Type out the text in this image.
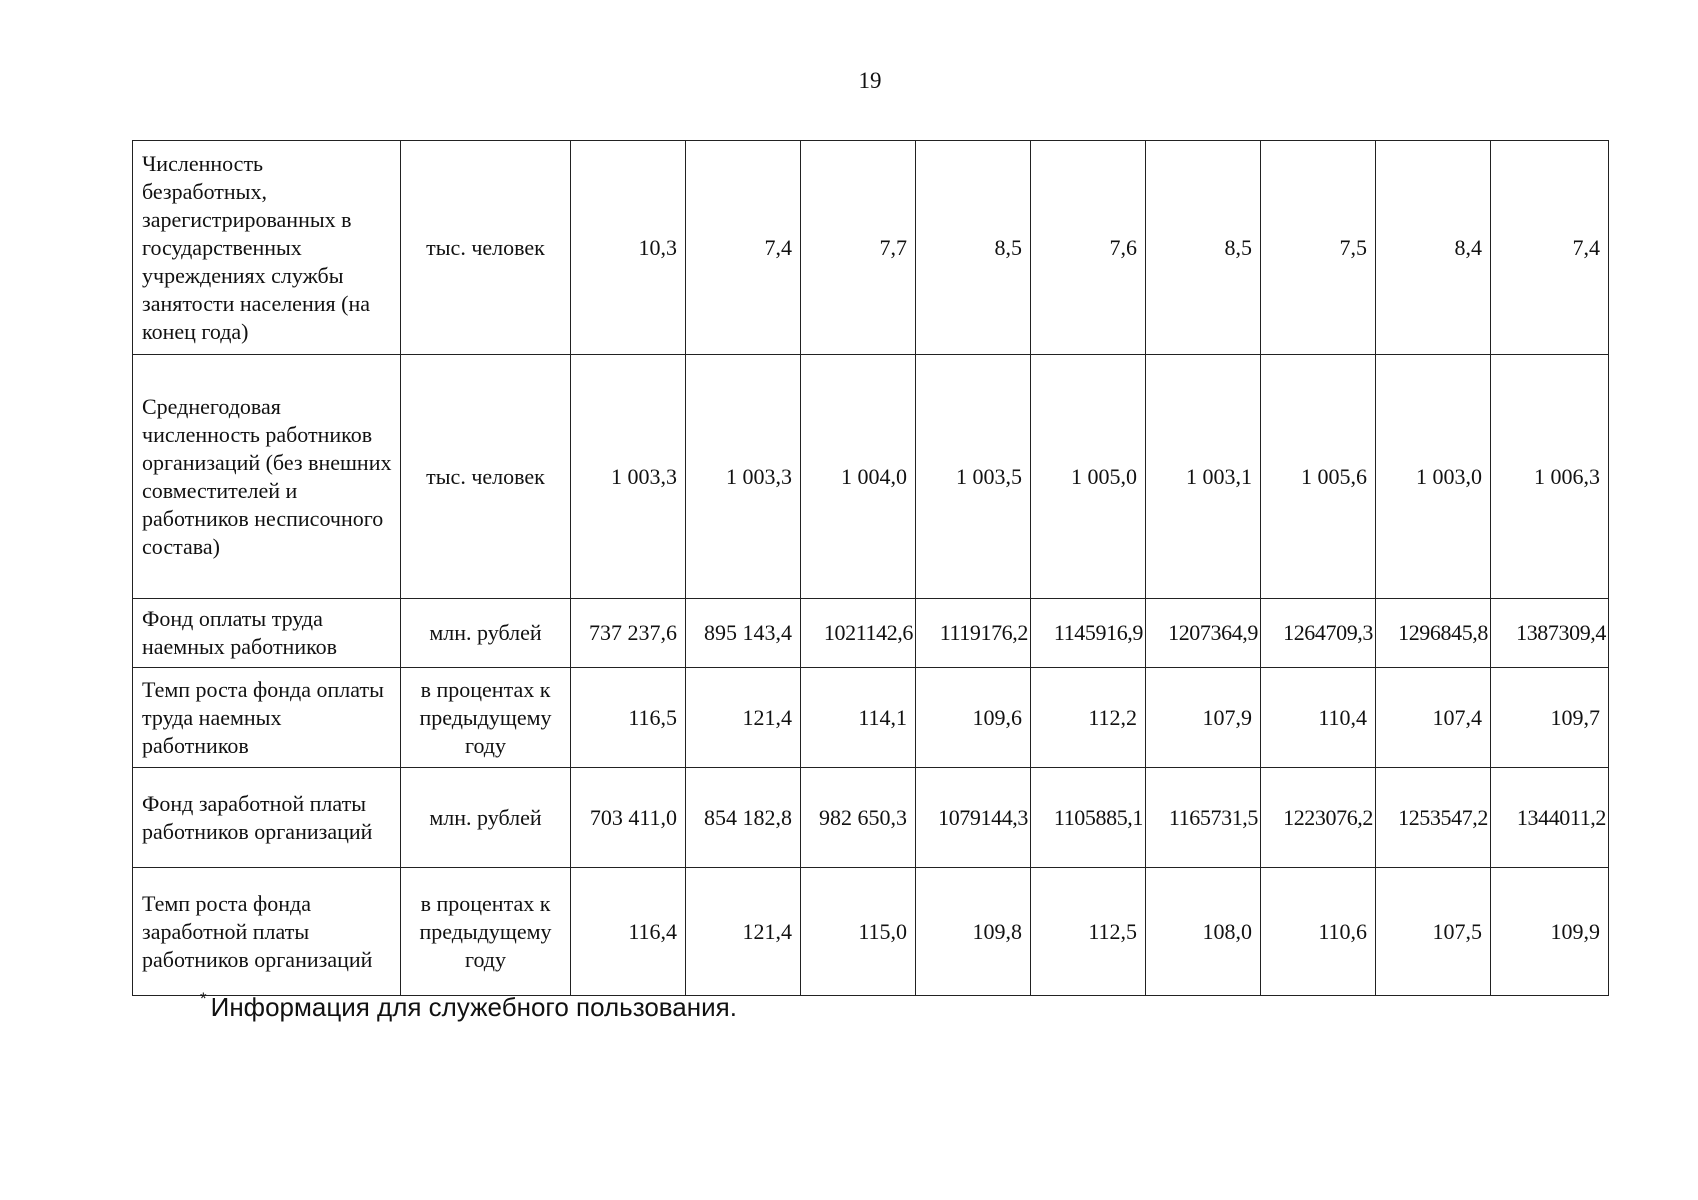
19
Численность безработных, зарегистрированных в государственных учреждениях службы занятости населения (на конец года)	тыс. человек	10,3	7,4	7,7	8,5	7,6	8,5	7,5	8,4	7,4
Среднегодовая численность работников организаций (без внешних совместителей и работников несписочного состава)	тыс. человек	1 003,3	1 003,3	1 004,0	1 003,5	1 005,0	1 003,1	1 005,6	1 003,0	1 006,3
Фонд оплаты труда наемных работников	млн. рублей	737 237,6	895 143,4	1021142,6	1119176,2	1145916,9	1207364,9	1264709,3	1296845,8	1387309,4
Темп роста фонда оплаты труда наемных работников	в процентах к предыдущему году	116,5	121,4	114,1	109,6	112,2	107,9	110,4	107,4	109,7
Фонд заработной платы работников организаций	млн. рублей	703 411,0	854 182,8	982 650,3	1079144,3	1105885,1	1165731,5	1223076,2	1253547,2	1344011,2
Темп роста фонда заработной платы работников организаций	в процентах к предыдущему году	116,4	121,4	115,0	109,8	112,5	108,0	110,6	107,5	109,9
* Информация для служебного пользования.
